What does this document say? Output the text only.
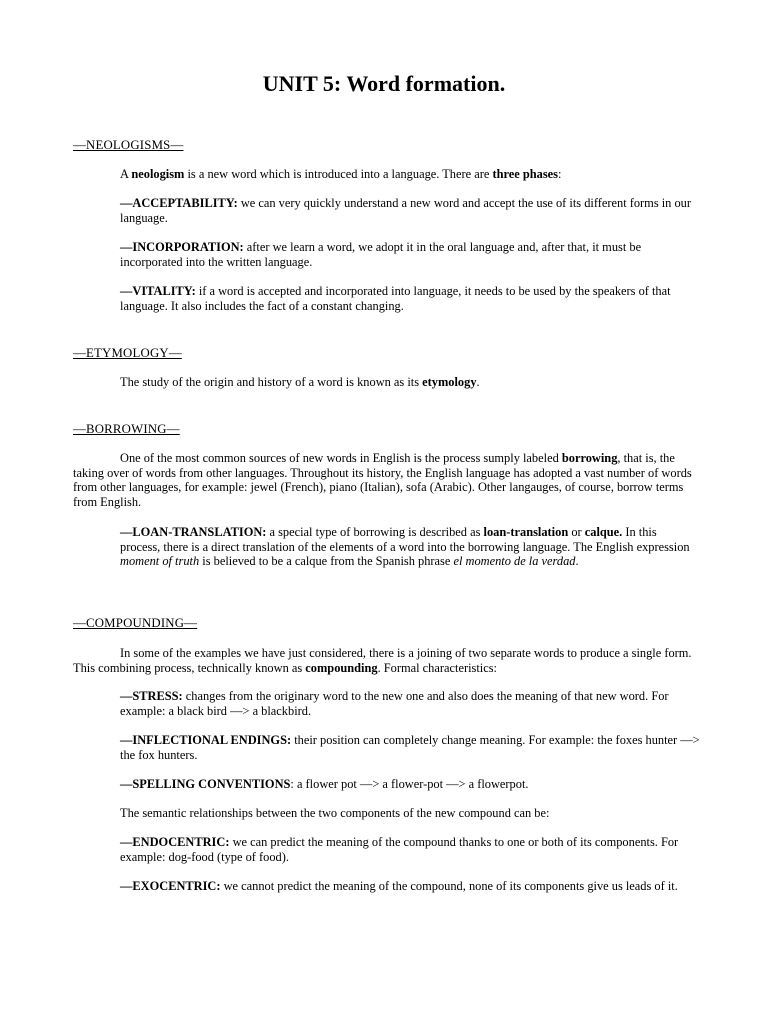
UNIT 5: Word formation.
—NEOLOGISMS—

A neologism is a new word which is introduced into a language. There are three phases:

—ACCEPTABILITY: we can very quickly understand a new word and accept the use of its different forms in our language.

—INCORPORATION: after we learn a word, we adopt it in the oral language and, after that, it must be incorporated into the written language.

—VITALITY: if a word is accepted and incorporated into language, it needs to be used by the speakers of that language. It also includes the fact of a constant changing.

—ETYMOLOGY—

The study of the origin and history of a word is known as its etymology.

—BORROWING—

One of the most common sources of new words in English is the process sumply labeled borrowing, that is, the taking over of words from other languages. Throughout its history, the English language has adopted a vast number of words from other languages, for example: jewel (French), piano (Italian), sofa (Arabic). Other langauges, of course, borrow terms from English.

—LOAN-TRANSLATION: a special type of borrowing is described as loan-translation or calque. In this process, there is a direct translation of the elements of a word into the borrowing language. The English expression moment of truth is believed to be a calque from the Spanish phrase el momento de la verdad.

—COMPOUNDING—

In some of the examples we have just considered, there is a joining of two separate words to produce a single form. This combining process, technically known as compounding. Formal characteristics:

—STRESS: changes from the originary word to the new one and also does the meaning of that new word. For example: a black bird —> a blackbird.

—INFLECTIONAL ENDINGS: their position can completely change meaning. For example: the foxes hunter —> the fox hunters.

—SPELLING CONVENTIONS: a flower pot —> a flower-pot —> a flowerpot.

The semantic relationships between the two components of the new compound can be:

—ENDOCENTRIC: we can predict the meaning of the compound thanks to one or both of its components. For example: dog-food (type of food).

—EXOCENTRIC: we cannot predict the meaning of the compound, none of its components give us leads of it.
